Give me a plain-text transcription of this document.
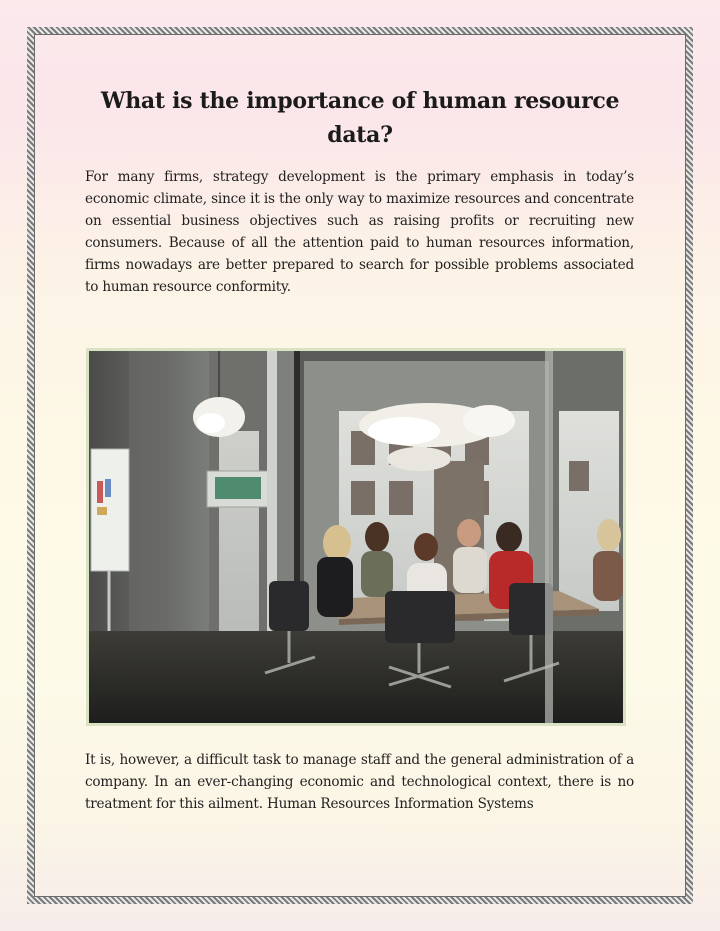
What is the importance of human resource data?

For many firms, strategy development is the primary emphasis in today’s economic climate, since it is the only way to maximize resources and concentrate on essential business objectives such as raising profits or recruiting new consumers. Because of all the attention paid to human resources information, firms nowadays are better prepared to search for possible problems associated to human resource conformity.

It is, however, a difficult task to manage staff and the general administration of a company. In an ever-changing economic and technological context, there is no treatment for this ailment. Human Resources Information Systems
